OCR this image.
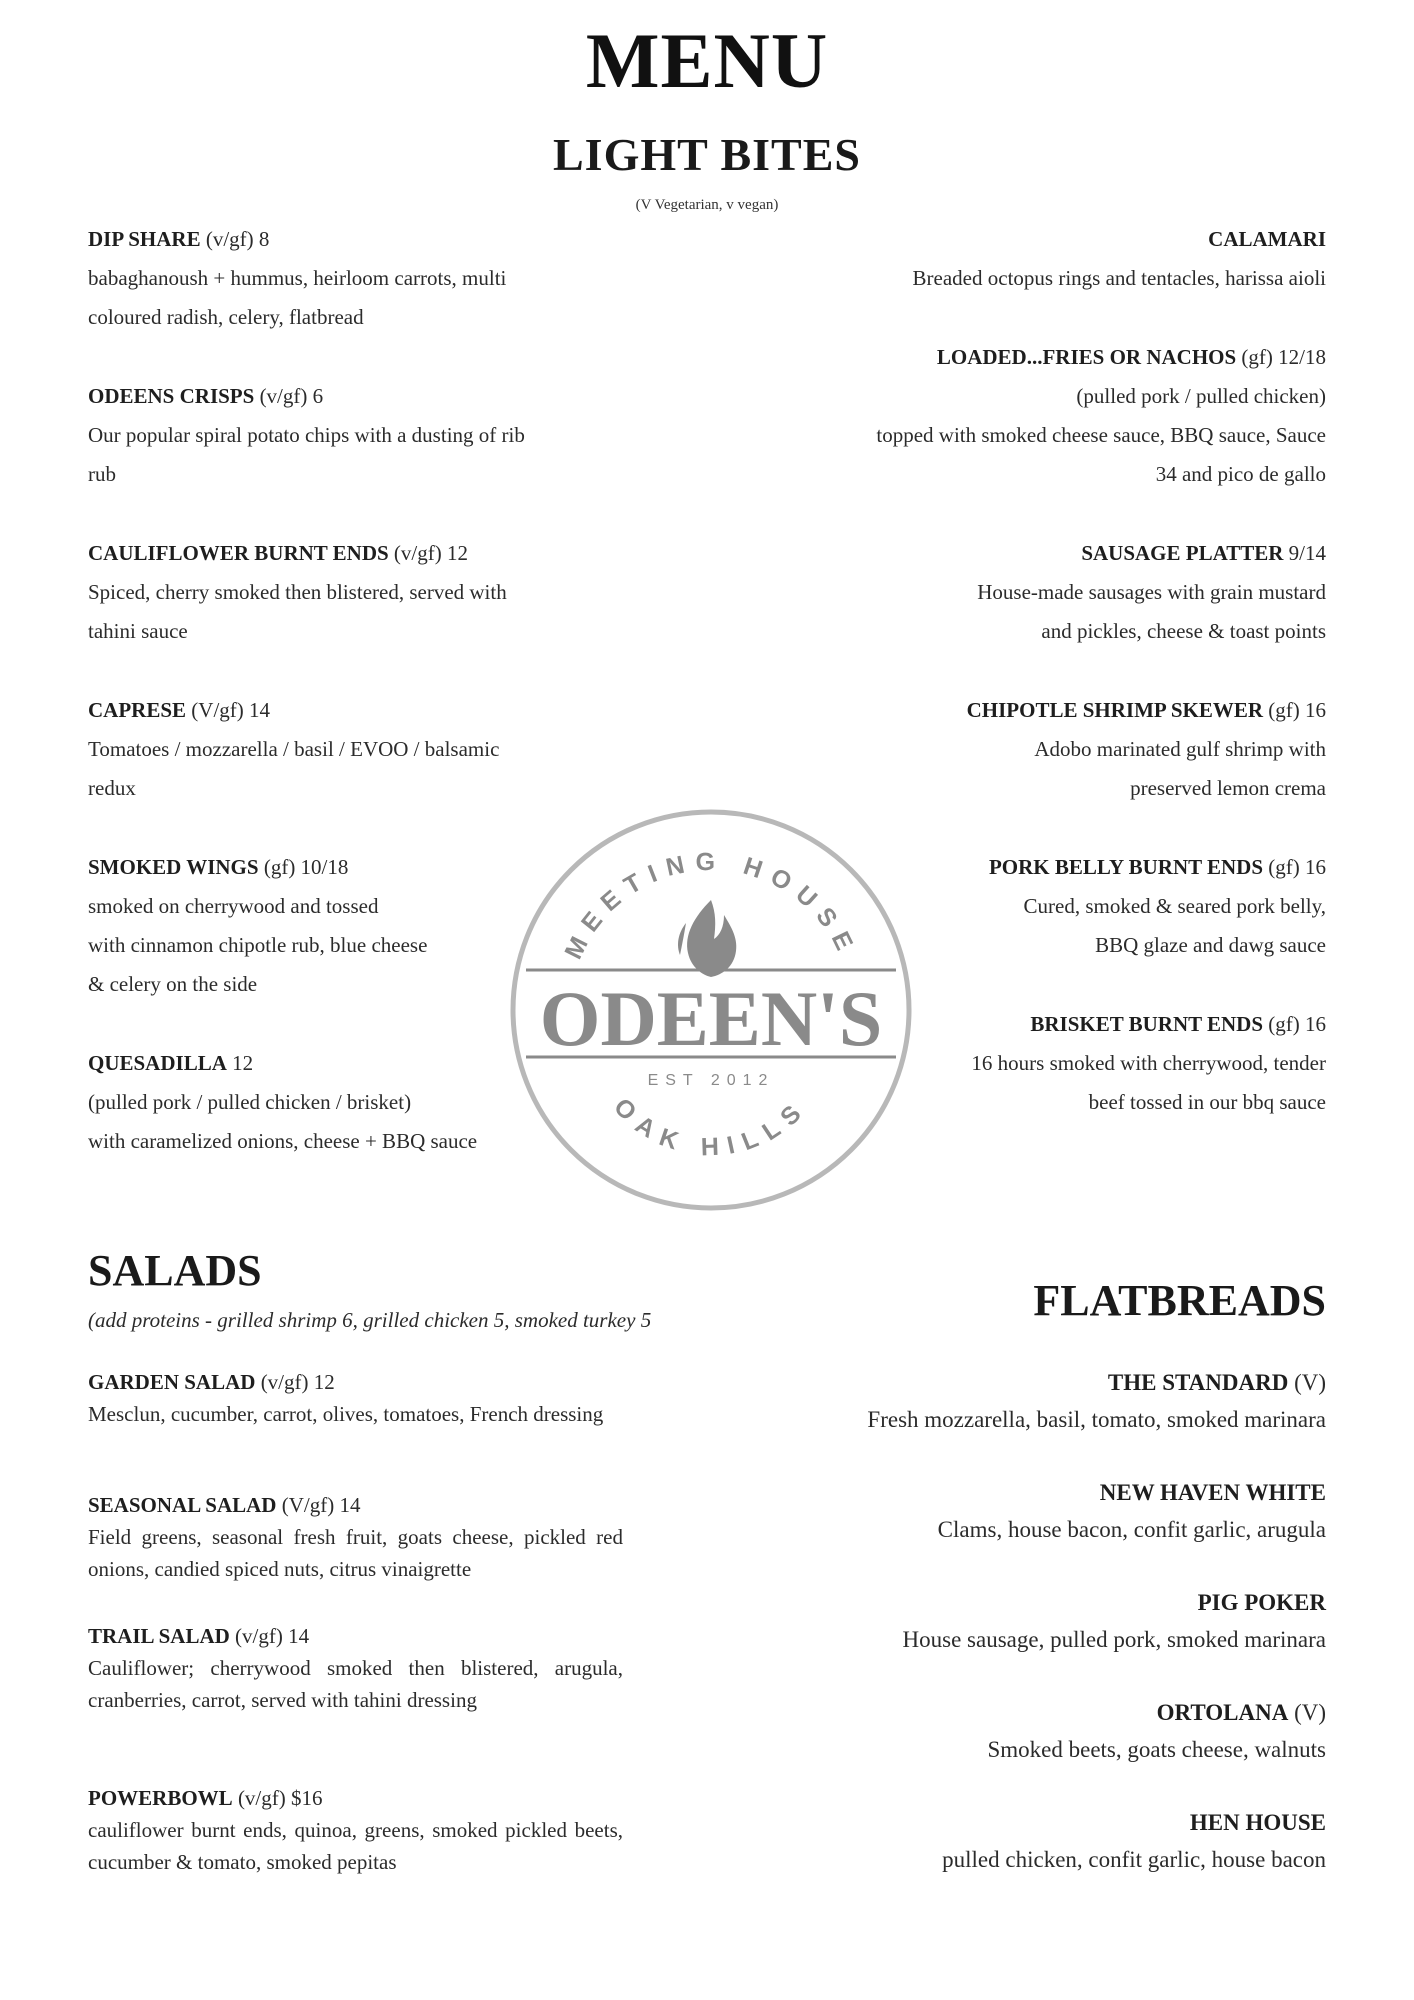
MENU
LIGHT BITES
(V Vegetarian, v vegan)
DIP SHARE (v/gf) 8
babaghanoush + hummus, heirloom carrots, multi
coloured radish, celery, flatbread
ODEENS CRISPS (v/gf) 6
Our popular spiral potato chips with a dusting of rib
rub
CAULIFLOWER BURNT ENDS (v/gf) 12
Spiced, cherry smoked then blistered, served with
tahini sauce
CAPRESE (V/gf) 14
Tomatoes / mozzarella / basil / EVOO / balsamic
redux
SMOKED WINGS (gf) 10/18
smoked on cherrywood and tossed
with cinnamon chipotle rub, blue cheese
& celery on the side
QUESADILLA 12
(pulled pork / pulled chicken / brisket)
with caramelized onions, cheese + BBQ sauce
CALAMARI
Breaded octopus rings and tentacles, harissa aioli
LOADED...FRIES OR NACHOS (gf) 12/18
(pulled pork / pulled chicken)
topped with smoked cheese sauce, BBQ sauce, Sauce
34 and pico de gallo
SAUSAGE PLATTER 9/14
House-made sausages with grain mustard
and pickles, cheese & toast points
CHIPOTLE SHRIMP SKEWER (gf) 16
Adobo marinated gulf shrimp with
preserved lemon crema
PORK BELLY BURNT ENDS (gf) 16
Cured, smoked & seared pork belly,
BBQ glaze and dawg sauce
BRISKET BURNT ENDS (gf) 16
16 hours smoked with cherrywood, tender
beef tossed in our bbq sauce
MEETING HOUSE
ODEEN'S
EST 2012
OAK HILLS
SALADS
(add proteins - grilled shrimp 6, grilled chicken 5, smoked turkey 5
GARDEN SALAD (v/gf) 12
Mesclun, cucumber, carrot, olives, tomatoes, French dressing
SEASONAL SALAD (V/gf) 14
Field greens, seasonal fresh fruit, goats cheese, pickled red onions, candied spiced nuts, citrus vinaigrette
TRAIL SALAD (v/gf) 14
Cauliflower; cherrywood smoked then blistered, arugula, cranberries, carrot, served with tahini dressing
POWERBOWL (v/gf) $16
cauliflower burnt ends, quinoa, greens, smoked pickled beets, cucumber & tomato, smoked pepitas
FLATBREADS
THE STANDARD (V)
Fresh mozzarella, basil, tomato, smoked marinara
NEW HAVEN WHITE
Clams, house bacon, confit garlic, arugula
PIG POKER
House sausage, pulled pork, smoked marinara
ORTOLANA (V)
Smoked beets, goats cheese, walnuts
HEN HOUSE
pulled chicken, confit garlic, house bacon
